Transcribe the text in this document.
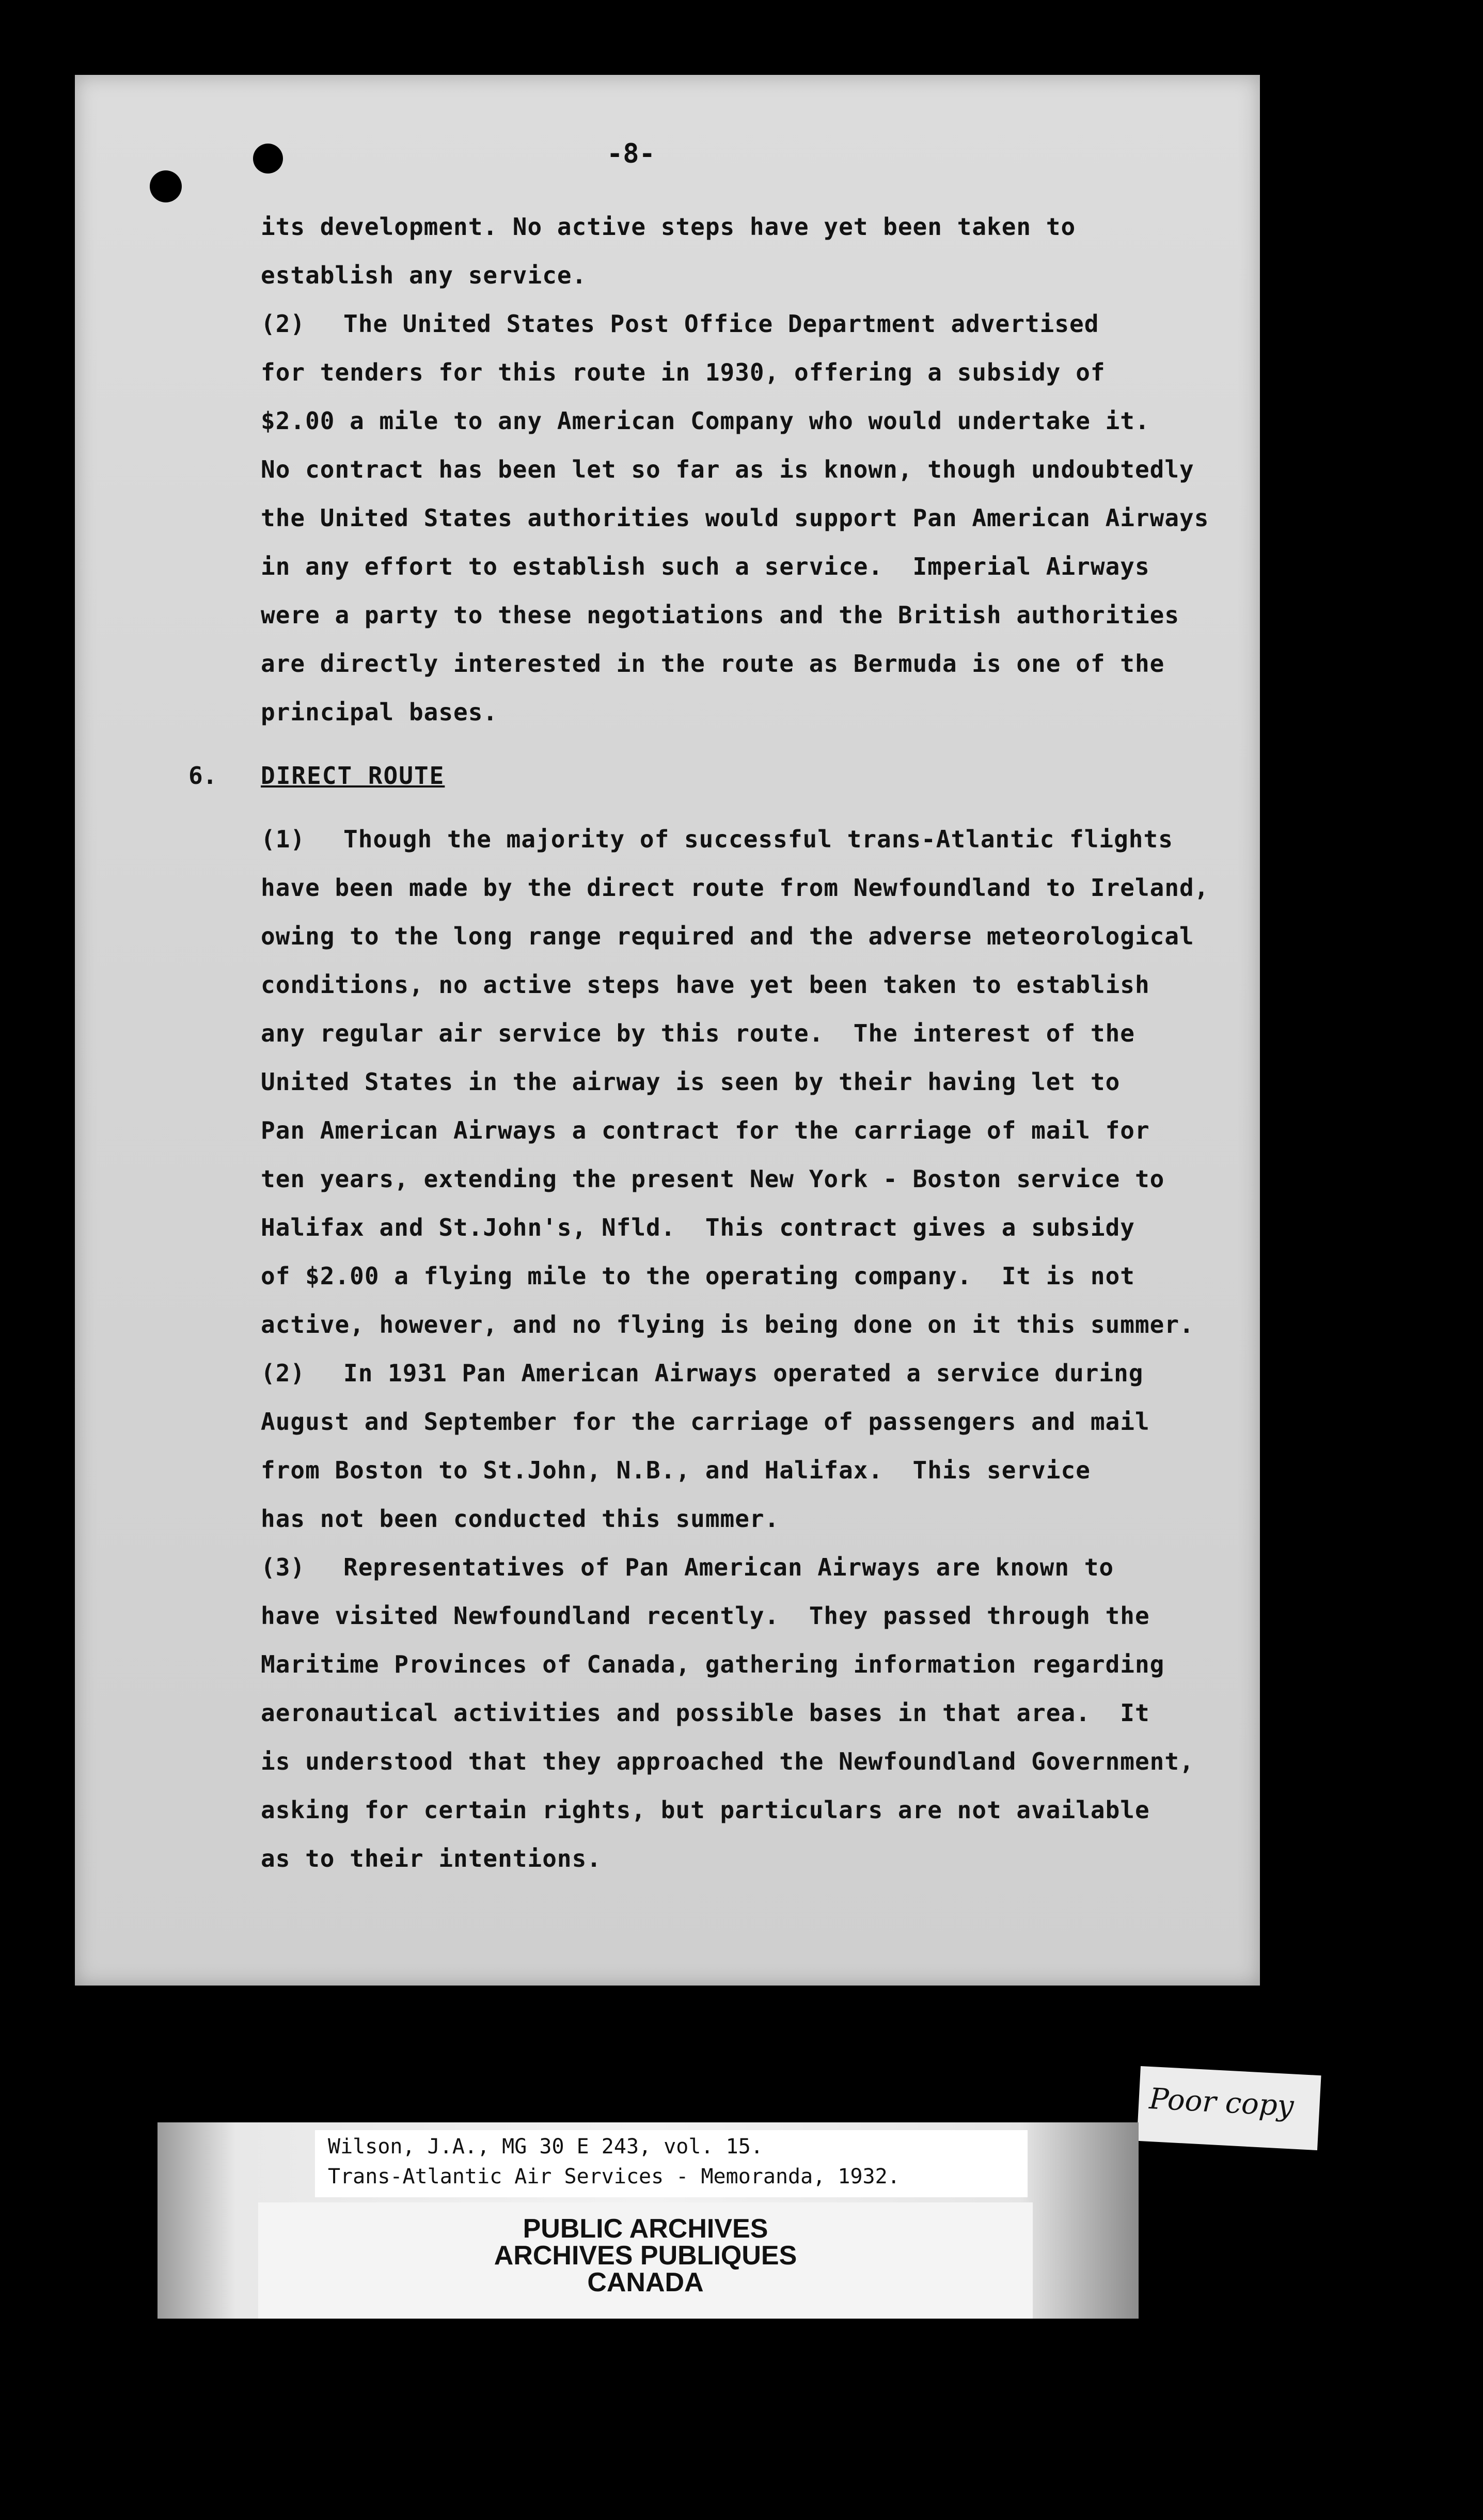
-8-

its development. No active steps have yet been taken to
establish any service.

(2) The United States Post Office Department advertised
for tenders for this route in 1930, offering a subsidy of
$2.00 a mile to any American Company who would undertake it.
No contract has been let so far as is known, though undoubtedly
the United States authorities would support Pan American Airways
in any effort to establish such a service.  Imperial Airways
were a party to these negotiations and the British authorities
are directly interested in the route as Bermuda is one of the
principal bases.

6. DIRECT ROUTE

(1) Though the majority of successful trans-Atlantic flights
have been made by the direct route from Newfoundland to Ireland,
owing to the long range required and the adverse meteorological
conditions, no active steps have yet been taken to establish
any regular air service by this route.  The interest of the
United States in the airway is seen by their having let to
Pan American Airways a contract for the carriage of mail for
ten years, extending the present New York - Boston service to
Halifax and St.John's, Nfld.  This contract gives a subsidy
of $2.00 a flying mile to the operating company.  It is not
active, however, and no flying is being done on it this summer.

(2) In 1931 Pan American Airways operated a service during
August and September for the carriage of passengers and mail
from Boston to St.John, N.B., and Halifax.  This service
has not been conducted this summer.

(3) Representatives of Pan American Airways are known to
have visited Newfoundland recently.  They passed through the
Maritime Provinces of Canada, gathering information regarding
aeronautical activities and possible bases in that area.  It
is understood that they approached the Newfoundland Government,
asking for certain rights, but particulars are not available
as to their intentions.

Poor copy
Wilson, J.A., MG 30 E 243, vol. 15.
Trans-Atlantic Air Services - Memoranda, 1932.
PUBLIC ARCHIVES
ARCHIVES PUBLIQUES
CANADA
